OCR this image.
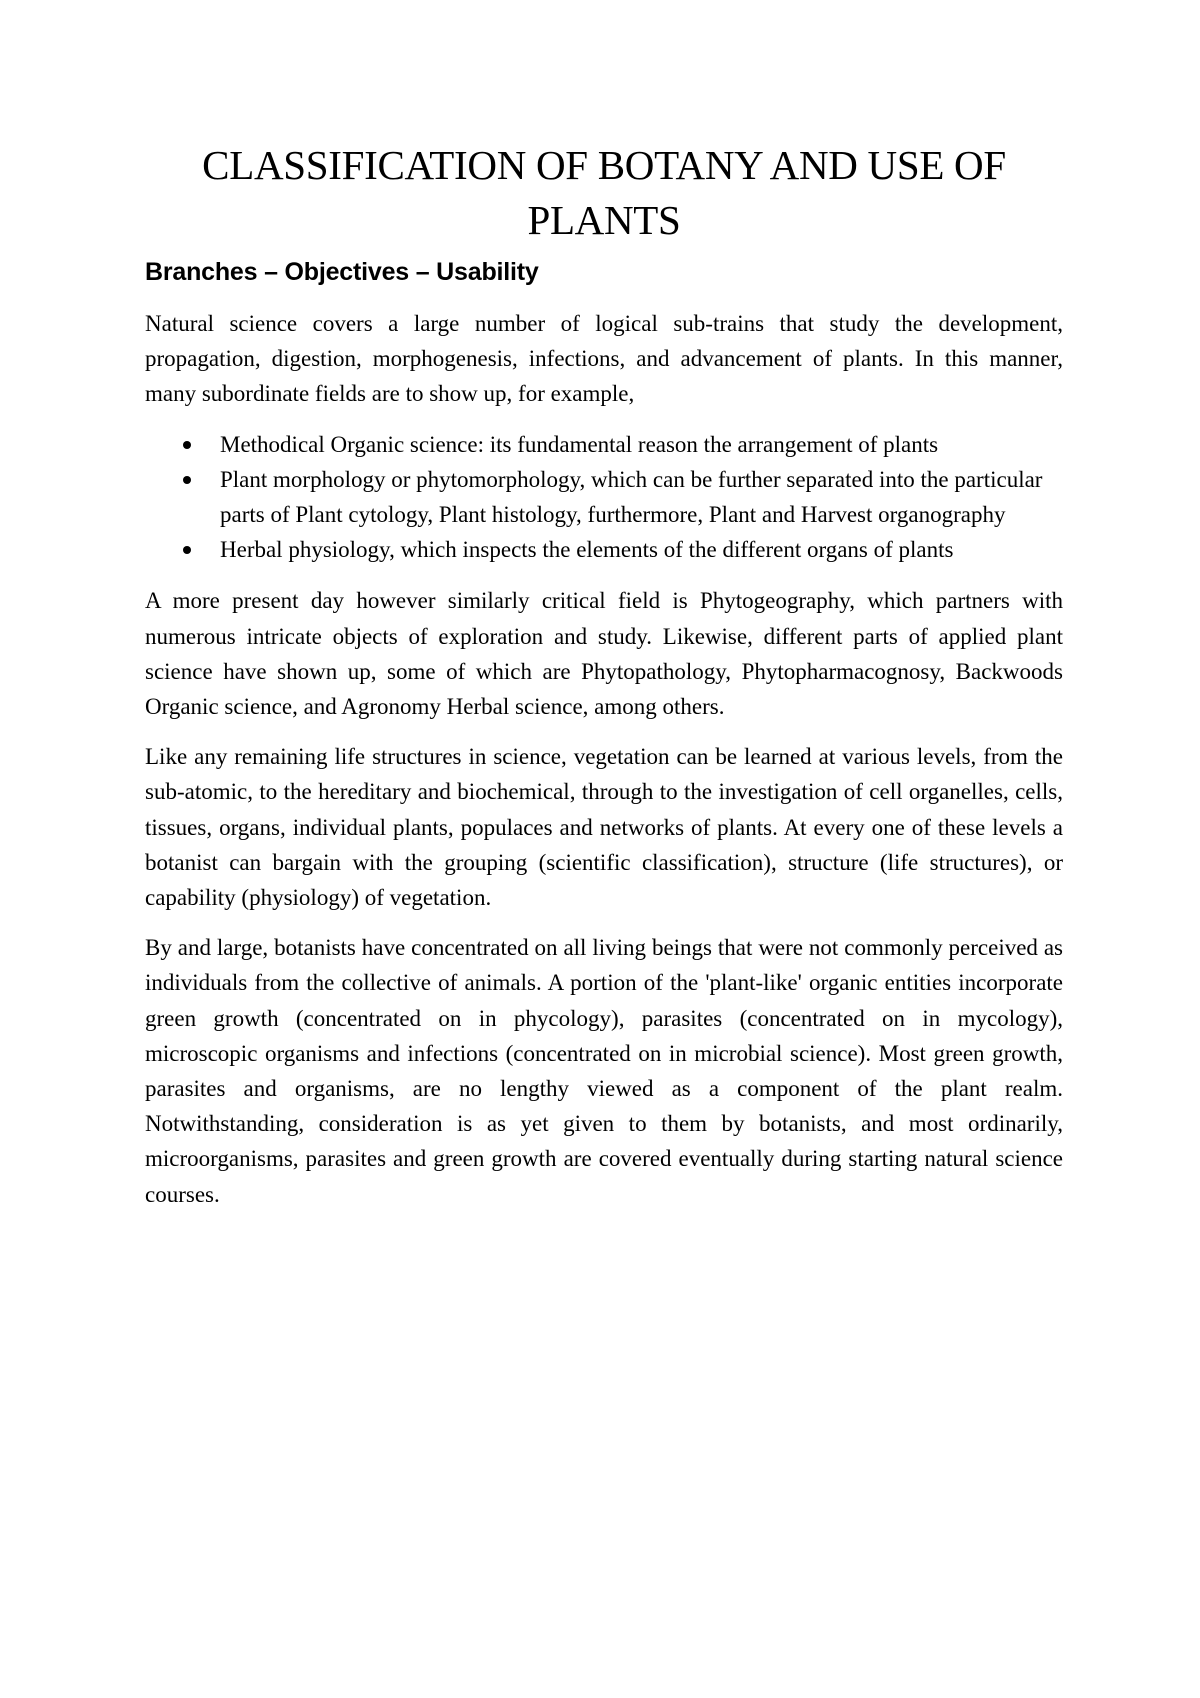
CLASSIFICATION OF BOTANY AND USE OF PLANTS
Branches – Objectives – Usability

Natural science covers a large number of logical sub-trains that study the development, propagation, digestion, morphogenesis, infections, and advancement of plants. In this manner, many subordinate fields are to show up, for example,

Methodical Organic science: its fundamental reason the arrangement of plants
Plant morphology or phytomorphology, which can be further separated into the particular parts of Plant cytology, Plant histology, furthermore, Plant and Harvest organography
Herbal physiology, which inspects the elements of the different organs of plants

A more present day however similarly critical field is Phytogeography, which partners with numerous intricate objects of exploration and study. Likewise, different parts of applied plant science have shown up, some of which are Phytopathology, Phytopharmacognosy, Backwoods Organic science, and Agronomy Herbal science, among others.

Like any remaining life structures in science, vegetation can be learned at various levels, from the sub-atomic, to the hereditary and biochemical, through to the investigation of cell organelles, cells, tissues, organs, individual plants, populaces and networks of plants. At every one of these levels a botanist can bargain with the grouping (scientific classification), structure (life structures), or capability (physiology) of vegetation.

By and large, botanists have concentrated on all living beings that were not commonly perceived as individuals from the collective of animals. A portion of the 'plant-like' organic entities incorporate green growth (concentrated on in phycology), parasites (concentrated on in mycology), microscopic organisms and infections (concentrated on in microbial science). Most green growth, parasites and organisms, are no lengthy viewed as a component of the plant realm. Notwithstanding, consideration is as yet given to them by botanists, and most ordinarily, microorganisms, parasites and green growth are covered eventually during starting natural science courses.
